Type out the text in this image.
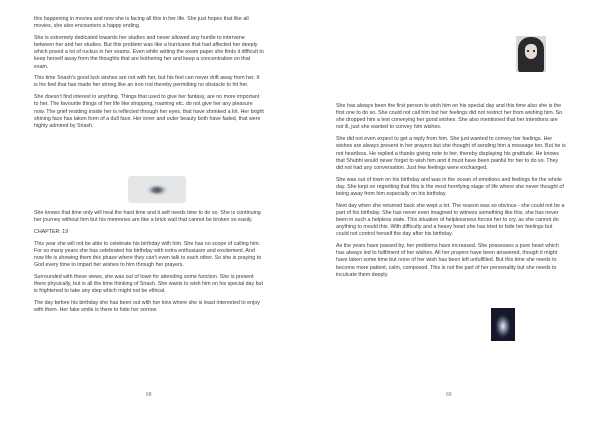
this happening in movies and now she is facing all this in her life. She just hopes that like all movies, she also encounters a happy ending.

She is extremely dedicated towards her studies and never allowed any hurdle to intervene between her and her studies. But this problem was like a hurricane that had affected her deeply which posed a lot of ruckus in her exams. Even while writing the exam paper she finds it difficult to keep herself away from the thoughts that are bothering her and keep a concentration on that exam.

This time Sriash's good luck wishes are not with her, but his feel can never drift away from her. It is his feel that has made her strong like an iron rod thereby permitting no obstacle to hit her.

She doesn't find interest in anything. Things that used to give her fantasy, are no more important to her. The favourite things of her life like shopping, roaming etc. do not give her any pleasure now. The grief residing inside her is reflected through her eyes, that have shrinked a lot. Her bright shining face has taken form of a dull face. Her inner and outer beauty both have faded, that were highly admired by Sriash.

She knows that time only will heal the hard time and it self needs time to do so. She is continuing her journey without him but his memories are like a brick wall that cannot be broken so easily.

CHAPTER: 19

This year she will not be able to celebrate his birthday with him. She has no scope of calling him. For so many years she has celebrated his birthday with extra enthusiasm and excitement. And now life is showing them this phase where they can't even talk to each other. So she is praying to God every time to impart her wishes to him through her prayers.

Surrounded with these views, she was out of town for attending some function. She is present there physically, but is all the time thinking of Sriash. She wants to wish him on his special day but is frightened to take any step which might not be ethical.

The day before his birthday she has been out with her kins where she is least interested to enjoy with them. Her fake smile is there to hide her sorrow.

68	69

She has always been the first person to wish him on his special day and this time also she is the first one to do so. She could not call him but her feelings did not restrict her from wishing him. So she dropped him a text conveying her good wishes. She also mentioned that her intentions are not ill, just she wanted to convey him wishes.

She did not even expect to get a reply from him. She just wanted to convey her feelings. Her wishes are always present in her prayers but she thought of sending him a message too. But he is not heartless. He replied a thanks giving note to her, thereby displaying his gratitude. He knows that Shubhi would never forget to wish him and it must have been painful for her to do so. They did not had any conversation. Just few feelings were exchanged.

She was out of town on his birthday and was in the ocean of emotions and feelings for the whole day. She kept on regretting that this is the most horrifying stage of life where she never thought of being away from him especially on his birthday.

Next day when she returned back she wept a lot. The reason was so obvious - she could not be a part of his birthday. She has never even imagined to witness something like this, she has never been in such a helpless state. This situation of helplessness forces her to cry, as she cannot do anything to mould this. With difficulty and a heavy heart she has tried to hide her feelings but could not control herself the day after his birthday.

As the years have passed by, her problems have increased. She possesses a pure heart which has always led to fulfilment of her wishes. All her prayers have been answered, though it might have taken some time but none of her wish has been left unfulfilled. But this time she needs to become more patient, calm, composed. This is not the part of her personality but she needs to inculcate them deeply.
